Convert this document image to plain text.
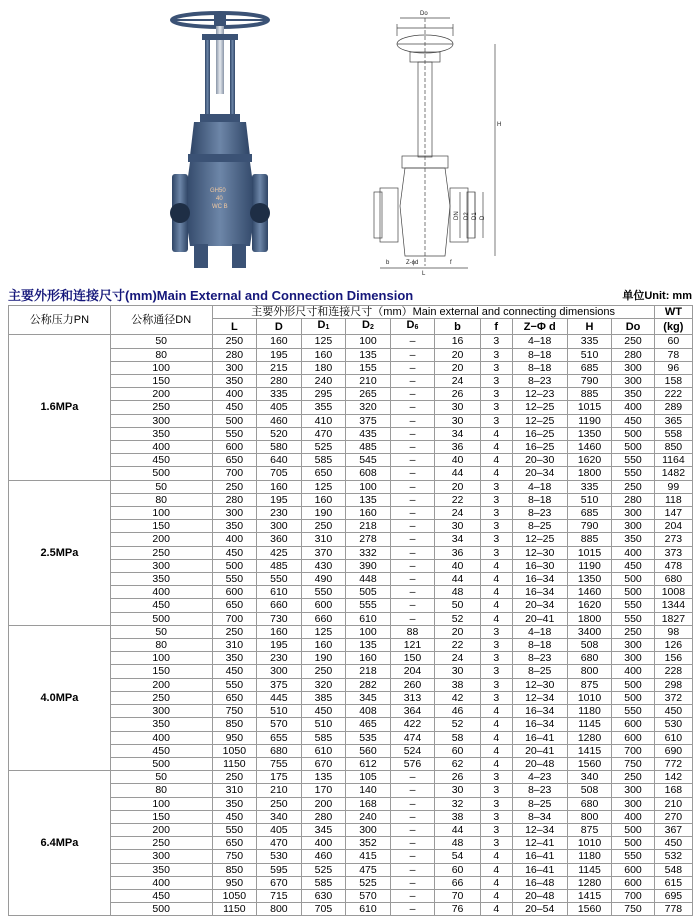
GH50
40
WC B
Do
H
DN D2 D1 D
Z-ϕd
b	f
L
主要外形和连接尺寸(mm)Main External and Connection Dimension	单位Unit: mm
公称压力PN	公称通径DN	主要外形尺寸和连接尺寸（mm）Main external and connecting dimensions										WT
		L	D	$D_1$	$D_2$	$D_6$	b	f	Z−Φ d	H	Do	(kg)
1.6MPa	50	250	160	125	100	–	16	3	4–18	335	250	60
	80	280	195	160	135	–	20	3	8–18	510	280	78
	100	300	215	180	155	–	20	3	8–18	685	300	96
	150	350	280	240	210	–	24	3	8–23	790	300	158
	200	400	335	295	265	–	26	3	12–23	885	350	222
	250	450	405	355	320	–	30	3	12–25	1015	400	289
	300	500	460	410	375	–	30	3	12–25	1190	450	365
	350	550	520	470	435	–	34	4	16–25	1350	500	558
	400	600	580	525	485	–	36	4	16–25	1460	500	850
	450	650	640	585	545	–	40	4	20–30	1620	550	1164
	500	700	705	650	608	–	44	4	20–34	1800	550	1482
2.5MPa	50	250	160	125	100	–	20	3	4–18	335	250	99
	80	280	195	160	135	–	22	3	8–18	510	280	118
	100	300	230	190	160	–	24	3	8–23	685	300	147
	150	350	300	250	218	–	30	3	8–25	790	300	204
	200	400	360	310	278	–	34	3	12–25	885	350	273
	250	450	425	370	332	–	36	3	12–30	1015	400	373
	300	500	485	430	390	–	40	4	16–30	1190	450	478
	350	550	550	490	448	–	44	4	16–34	1350	500	680
	400	600	610	550	505	–	48	4	16–34	1460	500	1008
	450	650	660	600	555	–	50	4	20–34	1620	550	1344
	500	700	730	660	610	–	52	4	20–41	1800	550	1827
4.0MPa	50	250	160	125	100	88	20	3	4–18	3400	250	98
	80	310	195	160	135	121	22	3	8–18	508	300	126
	100	350	230	190	160	150	24	3	8–23	680	300	156
	150	450	300	250	218	204	30	3	8–25	800	400	228
	200	550	375	320	282	260	38	3	12–30	875	500	298
	250	650	445	385	345	313	42	3	12–34	1010	500	372
	300	750	510	450	408	364	46	4	16–34	1180	550	450
	350	850	570	510	465	422	52	4	16–34	1145	600	530
	400	950	655	585	535	474	58	4	16–41	1280	600	610
	450	1050	680	610	560	524	60	4	20–41	1415	700	690
	500	1150	755	670	612	576	62	4	20–48	1560	750	772
6.4MPa	50	250	175	135	105	–	26	3	4–23	340	250	142
	80	310	210	170	140	–	30	3	8–23	508	300	168
	100	350	250	200	168	–	32	3	8–25	680	300	210
	150	450	340	280	240	–	38	3	8–34	800	400	270
	200	550	405	345	300	–	44	3	12–34	875	500	367
	250	650	470	400	352	–	48	3	12–41	1010	500	450
	300	750	530	460	415	–	54	4	16–41	1180	550	532
	350	850	595	525	475	–	60	4	16–41	1145	600	548
	400	950	670	585	525	–	66	4	16–48	1280	600	615
	450	1050	715	630	570	–	70	4	20–48	1415	700	695
	500	1150	800	705	610	–	76	4	20–54	1560	750	778
